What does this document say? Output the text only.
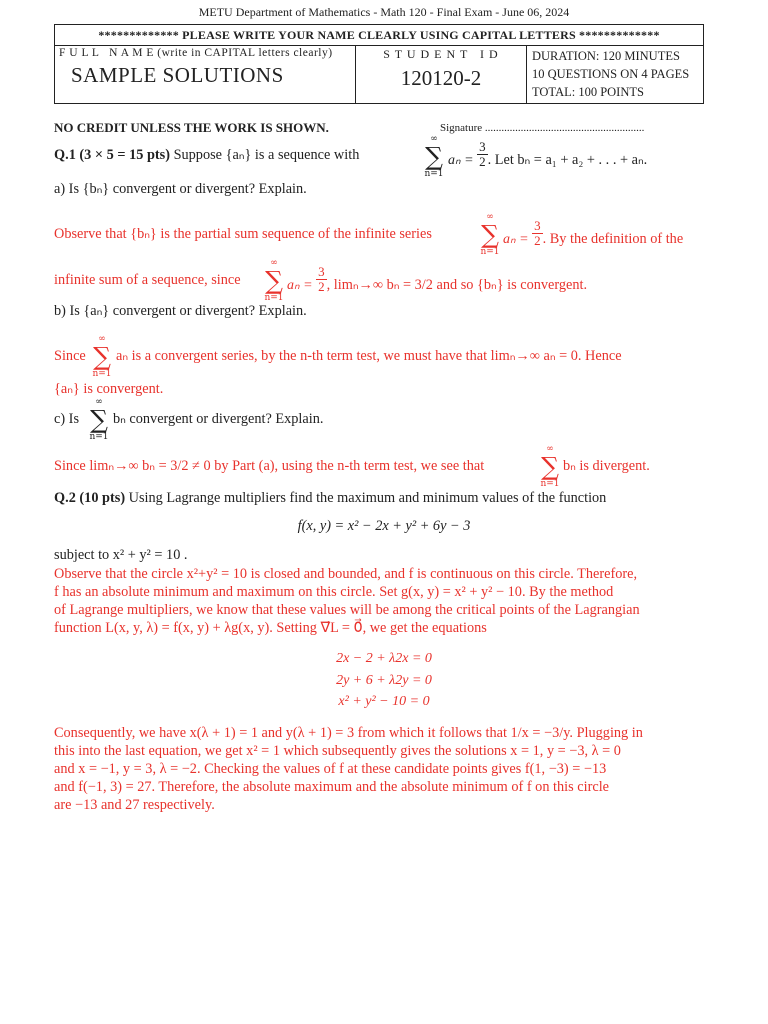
METU Department of Mathematics - Math 120 - Final Exam - June 06, 2024
************* PLEASE WRITE YOUR NAME CLEARLY USING CAPITAL LETTERS *************
F U L L   N A M E (write in CAPITAL letters clearly)
SAMPLE SOLUTIONS
S T U D E N T   I D
120120-2
DURATION: 120 MINUTES
10 QUESTIONS ON 4 PAGES
TOTAL: 100 POINTS
NO CREDIT UNLESS THE WORK IS SHOWN.	Signature ..........................................................
Q.1 (3 × 5 = 15 pts) Suppose {aₙ} is a sequence with
∞
∑
n=1
$a_n = \frac{3}{2}$ . Let bₙ = a₁ + a₂ + . . . + aₙ.
a) Is {bₙ} convergent or divergent? Explain.
Observe that {bₙ} is the partial sum sequence of the infinite series
∞
∑
n=1
$a_n = \frac{3}{2}$ . By the definition of the
infinite sum of a sequence, since
∞
∑
n=1
$a_n = \frac{3}{2}$ , limₙ→∞ bₙ = 3/2 and so {bₙ} is convergent.
b) Is {aₙ} convergent or divergent? Explain.
Since
∞
∑
n=1
aₙ is a convergent series, by the n-th term test, we must have that limₙ→∞ aₙ = 0. Hence
{aₙ} is convergent.
c) Is
∞
∑
n=1
bₙ convergent or divergent? Explain.
Since limₙ→∞ bₙ = 3/2 ≠ 0 by Part (a), using the n-th term test, we see that
∞
∑
n=1
bₙ is divergent.
Q.2 (10 pts) Using Lagrange multipliers find the maximum and minimum values of the function
f(x, y) = x² − 2x + y² + 6y − 3
subject to x² + y² = 10 .
Observe that the circle x²+y² = 10 is closed and bounded, and f is continuous on this circle. Therefore,
f has an absolute minimum and maximum on this circle. Set g(x, y) = x² + y² − 10. By the method
of Lagrange multipliers, we know that these values will be among the critical points of the Lagrangian
function L(x, y, λ) = f(x, y) + λg(x, y). Setting ∇⃗L = 0⃗, we get the equations
2x − 2 + λ2x = 0
2y + 6 + λ2y = 0
x² + y² − 10 = 0
Consequently, we have x(λ + 1) = 1 and y(λ + 1) = 3 from which it follows that 1/x = −3/y. Plugging in
this into the last equation, we get x² = 1 which subsequently gives the solutions x = 1, y = −3, λ = 0
and x = −1, y = 3, λ = −2. Checking the values of f at these candidate points gives f(1, −3) = −13
and f(−1, 3) = 27. Therefore, the absolute maximum and the absolute minimum of f on this circle
are −13 and 27 respectively.
